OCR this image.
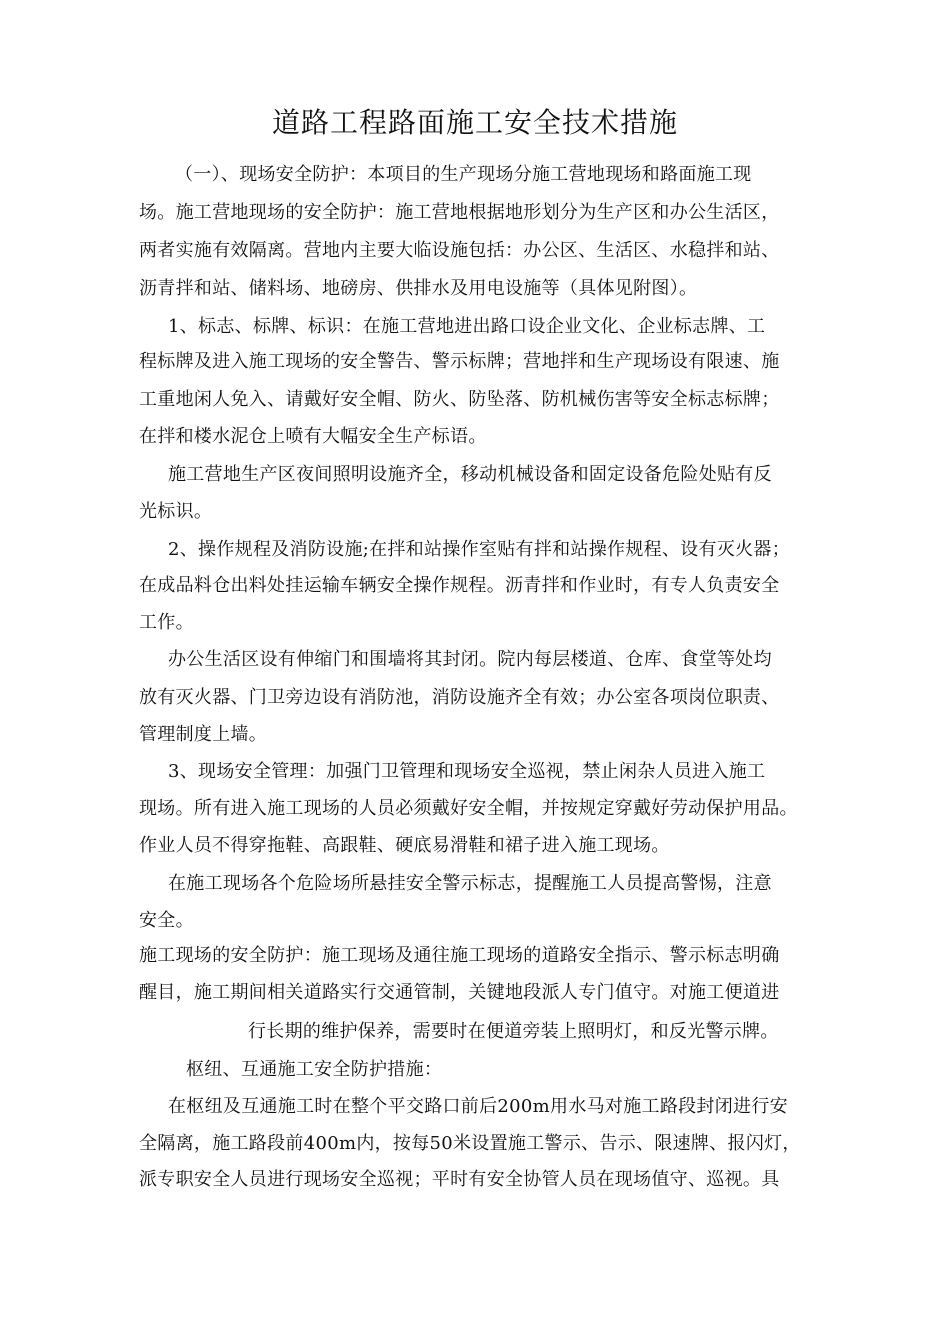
道路工程路面施工安全技术措施
（一）、现场安全防护：本项目的生产现场分施工营地现场和路面施工现
场。施工营地现场的安全防护：施工营地根据地形划分为生产区和办公生活区，
两者实施有效隔离。营地内主要大临设施包括：办公区、生活区、水稳拌和站、
沥青拌和站、储料场、地磅房、供排水及用电设施等（具体见附图）。
1、标志、标牌、标识：在施工营地进出路口设企业文化、企业标志牌、工
程标牌及进入施工现场的安全警告、警示标牌；营地拌和生产现场设有限速、施
工重地闲人免入、请戴好安全帽、防火、防坠落、防机械伤害等安全标志标牌；
在拌和楼水泥仓上喷有大幅安全生产标语。
施工营地生产区夜间照明设施齐全，移动机械设备和固定设备危险处贴有反
光标识。
2、操作规程及消防设施;在拌和站操作室贴有拌和站操作规程、设有灭火器；
在成品料仓出料处挂运输车辆安全操作规程。沥青拌和作业时，有专人负责安全
工作。
办公生活区设有伸缩门和围墙将其封闭。院内每层楼道、仓库、食堂等处均
放有灭火器、门卫旁边设有消防池，消防设施齐全有效；办公室各项岗位职责、
管理制度上墙。
3、现场安全管理：加强门卫管理和现场安全巡视，禁止闲杂人员进入施工
现场。所有进入施工现场的人员必须戴好安全帽，并按规定穿戴好劳动保护用品。
作业人员不得穿拖鞋、高跟鞋、硬底易滑鞋和裙子进入施工现场。
在施工现场各个危险场所悬挂安全警示标志，提醒施工人员提高警惕，注意
安全。
施工现场的安全防护：施工现场及通往施工现场的道路安全指示、警示标志明确
醒目，施工期间相关道路实行交通管制，关键地段派人专门值守。对施工便道进
行长期的维护保养，需要时在便道旁装上照明灯，和反光警示牌。
枢纽、互通施工安全防护措施：
在枢纽及互通施工时在整个平交路口前后200m用水马对施工路段封闭进行安
全隔离，施工路段前400m内，按每50米设置施工警示、告示、限速牌、报闪灯，
派专职安全人员进行现场安全巡视；平时有安全协管人员在现场值守、巡视。具
